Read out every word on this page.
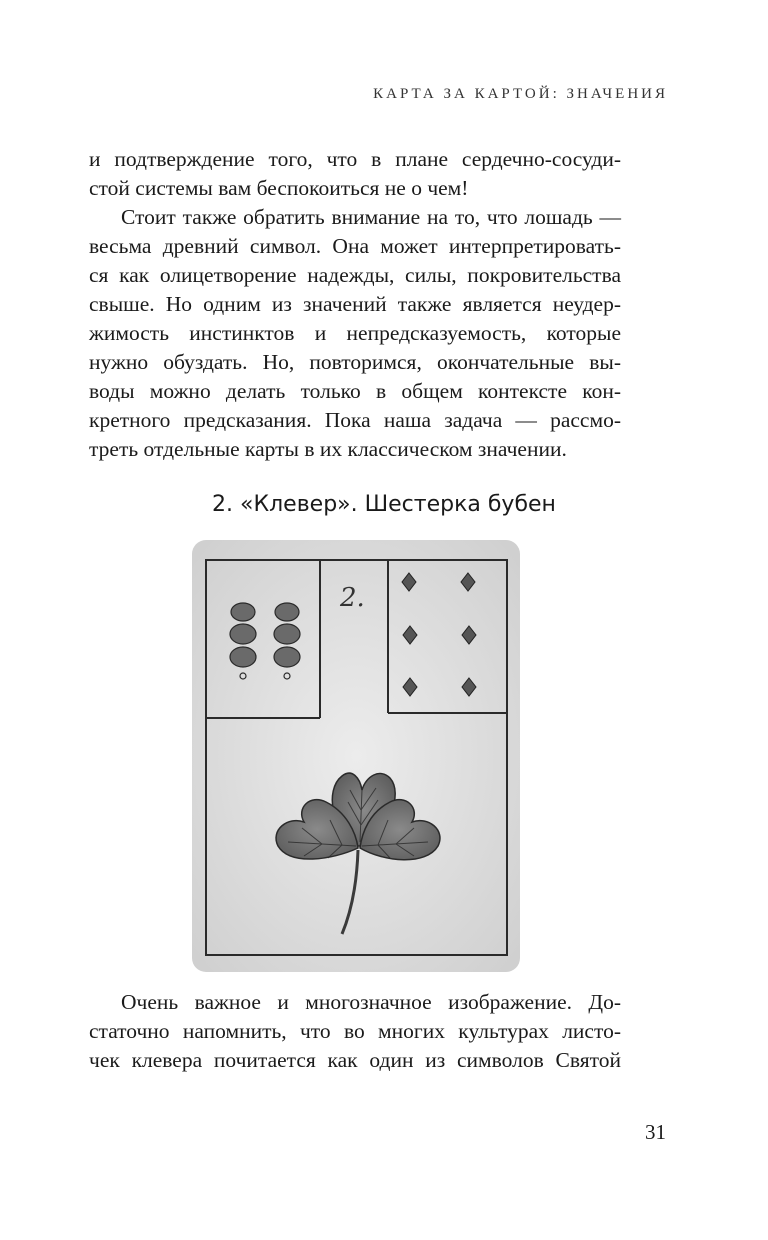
КАРТА ЗА КАРТОЙ: ЗНАЧЕНИЯ
и подтверждение того, что в плане сердечно-сосуди-
стой системы вам беспокоиться не о чем!
Стоит также обратить внимание на то, что лошадь —
весьма древний символ. Она может интерпретировать-
ся как олицетворение надежды, силы, покровительства
свыше. Но одним из значений также является неудер-
жимость инстинктов и непредсказуемость, которые
нужно обуздать. Но, повторимся, окончательные вы-
воды можно делать только в общем контексте кон-
кретного предсказания. Пока наша задача — рассмо-
треть отдельные карты в их классическом значении.
2. «Клевер». Шестерка бубен
2.
Очень важное и многозначное изображение. До-
статочно напомнить, что во многих культурах листо-
чек клевера почитается как один из символов Святой
31
